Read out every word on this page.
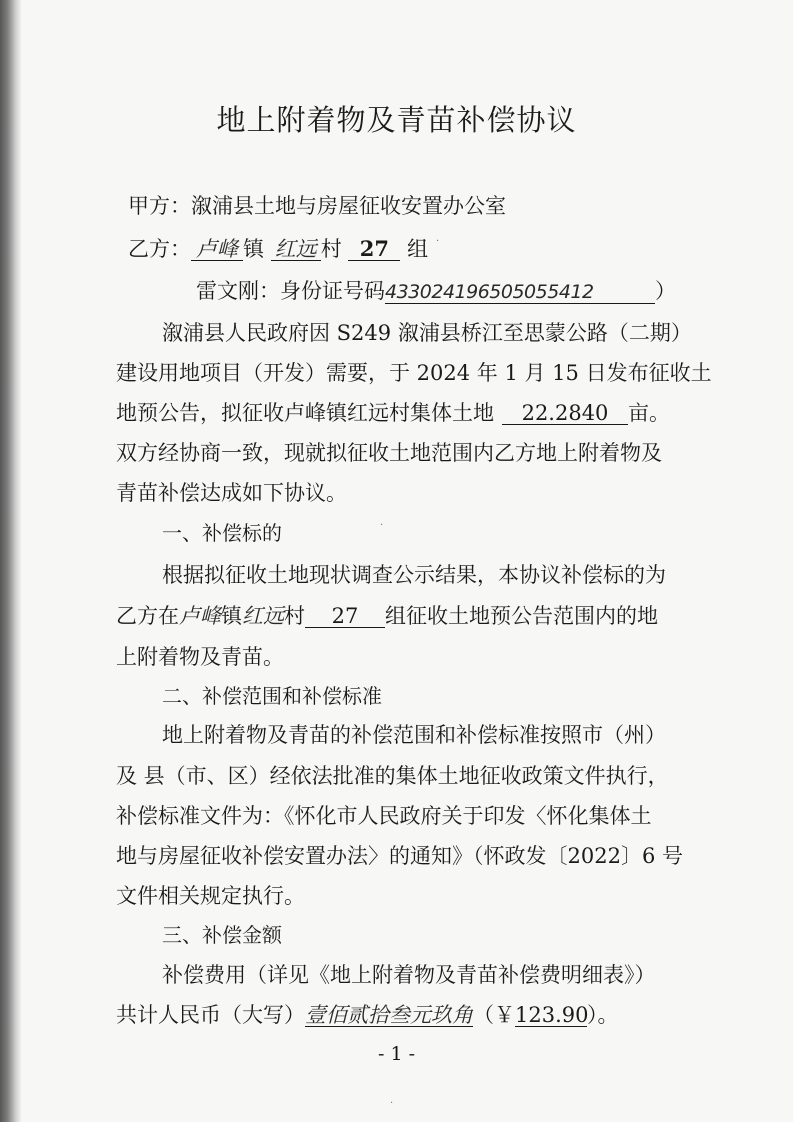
地上附着物及青苗补偿协议
甲方：溆浦县土地与房屋征收安置办公室
乙方： 卢峰 镇 红远 村 27 组
雷文刚：身份证号码433024196505055412	）
溆浦县人民政府因 S249 溆浦县桥江至思蒙公路（二期）
建设用地项目（开发）需要，于 2024 年 1 月 15 日发布征收土
地预公告，拟征收卢峰镇红远村集体土地 22.2840 亩。
双方经协商一致，现就拟征收土地范围内乙方地上附着物及
青苗补偿达成如下协议。
一、补偿标的
根据拟征收土地现状调查公示结果，本协议补偿标的为
乙方在卢峰镇红远村 27 组征收土地预公告范围内的地
上附着物及青苗。
二、补偿范围和补偿标准
地上附着物及青苗的补偿范围和补偿标准按照市（州）
及 县（市、区）经依法批准的集体土地征收政策文件执行，
补偿标准文件为：《怀化市人民政府关于印发〈怀化集体土
地与房屋征收补偿安置办法〉的通知》（怀政发〔2022〕6 号
文件相关规定执行。
三、补偿金额
补偿费用（详见《地上附着物及青苗补偿费明细表》）
共计人民币（大写）壹佰贰拾叁元玖角（￥123.90）。
- 1 -
·
·
·
